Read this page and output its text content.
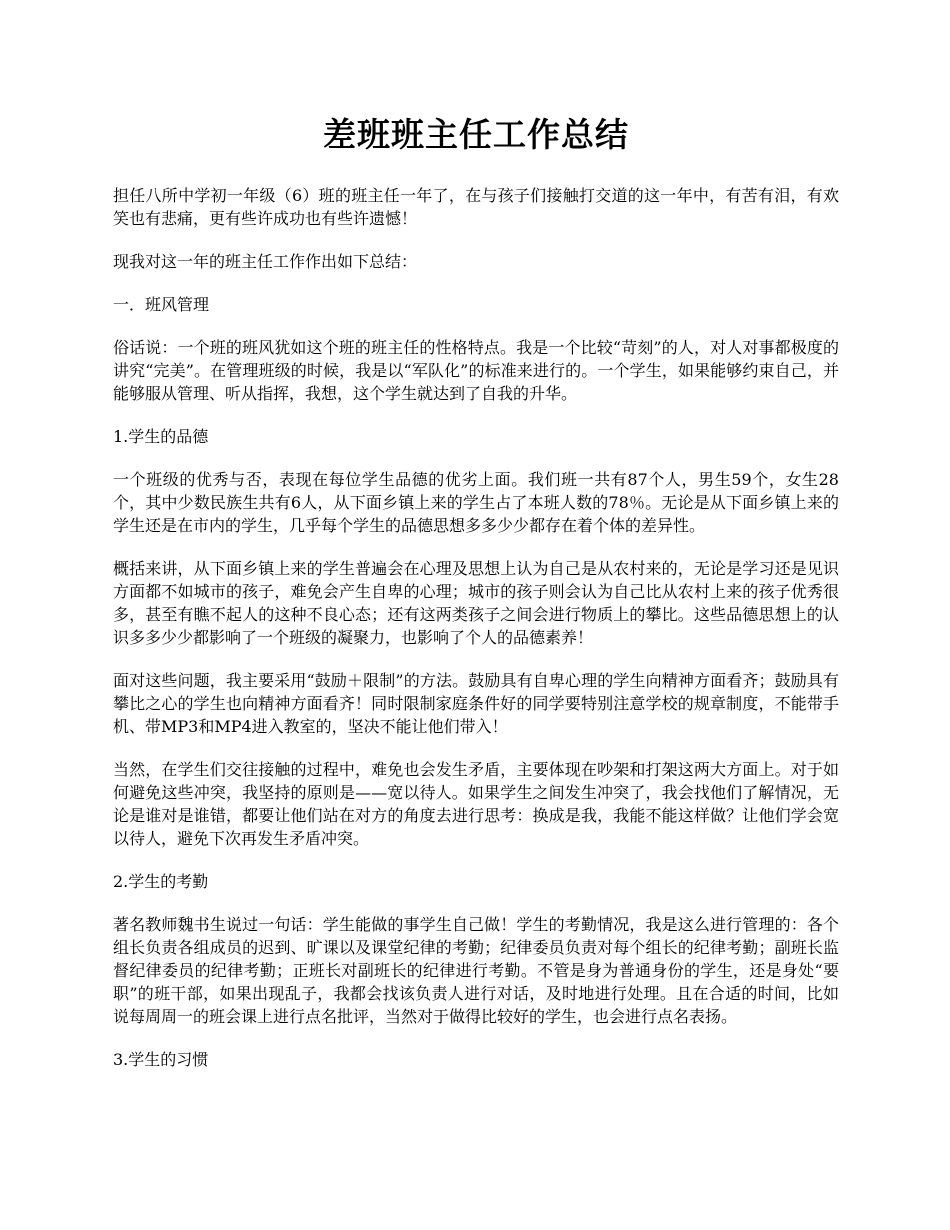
差班班主任工作总结

担任八所中学初一年级（6）班的班主任一年了，在与孩子们接触打交道的这一年中，有苦有泪，有欢笑也有悲痛，更有些许成功也有些许遗憾！

现我对这一年的班主任工作作出如下总结：

一．班风管理

俗话说：一个班的班风犹如这个班的班主任的性格特点。我是一个比较“苛刻”的人，对人对事都极度的讲究“完美”。在管理班级的时候，我是以“军队化”的标准来进行的。一个学生，如果能够约束自己，并能够服从管理、听从指挥，我想，这个学生就达到了自我的升华。

1.学生的品德

一个班级的优秀与否，表现在每位学生品德的优劣上面。我们班一共有87个人，男生59个，女生28个，其中少数民族生共有6人，从下面乡镇上来的学生占了本班人数的78％。无论是从下面乡镇上来的学生还是在市内的学生，几乎每个学生的品德思想多多少少都存在着个体的差异性。

概括来讲，从下面乡镇上来的学生普遍会在心理及思想上认为自己是从农村来的，无论是学习还是见识方面都不如城市的孩子，难免会产生自卑的心理；城市的孩子则会认为自己比从农村上来的孩子优秀很多，甚至有瞧不起人的这种不良心态；还有这两类孩子之间会进行物质上的攀比。这些品德思想上的认识多多少少都影响了一个班级的凝聚力，也影响了个人的品德素养！

面对这些问题，我主要采用“鼓励＋限制”的方法。鼓励具有自卑心理的学生向精神方面看齐；鼓励具有攀比之心的学生也向精神方面看齐！同时限制家庭条件好的同学要特别注意学校的规章制度，不能带手机、带MP3和MP4进入教室的，坚决不能让他们带入！

当然，在学生们交往接触的过程中，难免也会发生矛盾，主要体现在吵架和打架这两大方面上。对于如何避免这些冲突，我坚持的原则是——宽以待人。如果学生之间发生冲突了，我会找他们了解情况，无论是谁对是谁错，都要让他们站在对方的角度去进行思考：换成是我，我能不能这样做？让他们学会宽以待人，避免下次再发生矛盾冲突。

2.学生的考勤

著名教师魏书生说过一句话：学生能做的事学生自己做！学生的考勤情况，我是这么进行管理的：各个组长负责各组成员的迟到、旷课以及课堂纪律的考勤；纪律委员负责对每个组长的纪律考勤；副班长监督纪律委员的纪律考勤；正班长对副班长的纪律进行考勤。不管是身为普通身份的学生，还是身处“要职”的班干部，如果出现乱子，我都会找该负责人进行对话，及时地进行处理。且在合适的时间，比如说每周周一的班会课上进行点名批评，当然对于做得比较好的学生，也会进行点名表扬。

3.学生的习惯
